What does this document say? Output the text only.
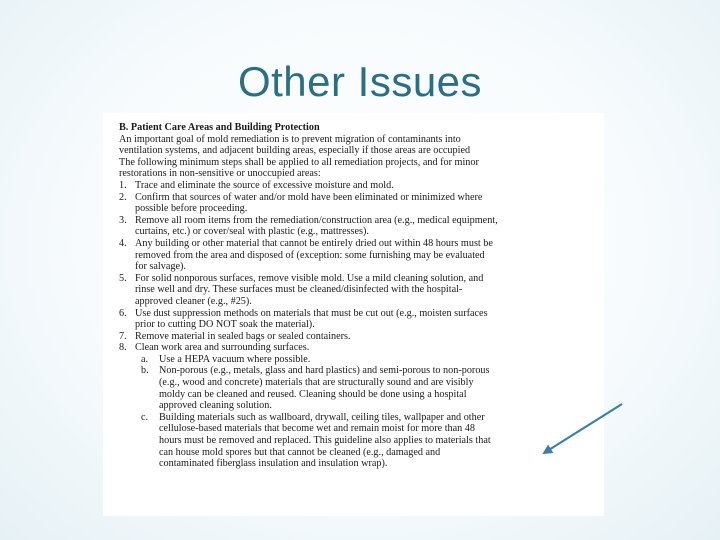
Other Issues
B. Patient Care Areas and Building Protection
An important goal of mold remediation is to prevent migration of contaminants into
ventilation systems, and adjacent building areas, especially if those areas are occupied
The following minimum steps shall be applied to all remediation projects, and for minor
restorations in non-sensitive or unoccupied areas:
1. Trace and eliminate the source of excessive moisture and mold.
2. Confirm that sources of water and/or mold have been eliminated or minimized where
possible before proceeding.
3. Remove all room items from the remediation/construction area (e.g., medical equipment,
curtains, etc.) or cover/seal with plastic (e.g., mattresses).
4. Any building or other material that cannot be entirely dried out within 48 hours must be
removed from the area and disposed of (exception: some furnishing may be evaluated
for salvage).
5. For solid nonporous surfaces, remove visible mold. Use a mild cleaning solution, and
rinse well and dry. These surfaces must be cleaned/disinfected with the hospital-
approved cleaner (e.g., #25).
6. Use dust suppression methods on materials that must be cut out (e.g., moisten surfaces
prior to cutting DO NOT soak the material).
7. Remove material in sealed bags or sealed containers.
8. Clean work area and surrounding surfaces.
a. Use a HEPA vacuum where possible.
b. Non-porous (e.g., metals, glass and hard plastics) and semi-porous to non-porous
(e.g., wood and concrete) materials that are structurally sound and are visibly
moldy can be cleaned and reused. Cleaning should be done using a hospital
approved cleaning solution.
c. Building materials such as wallboard, drywall, ceiling tiles, wallpaper and other
cellulose-based materials that become wet and remain moist for more than 48
hours must be removed and replaced. This guideline also applies to materials that
can house mold spores but that cannot be cleaned (e.g., damaged and
contaminated fiberglass insulation and insulation wrap).
